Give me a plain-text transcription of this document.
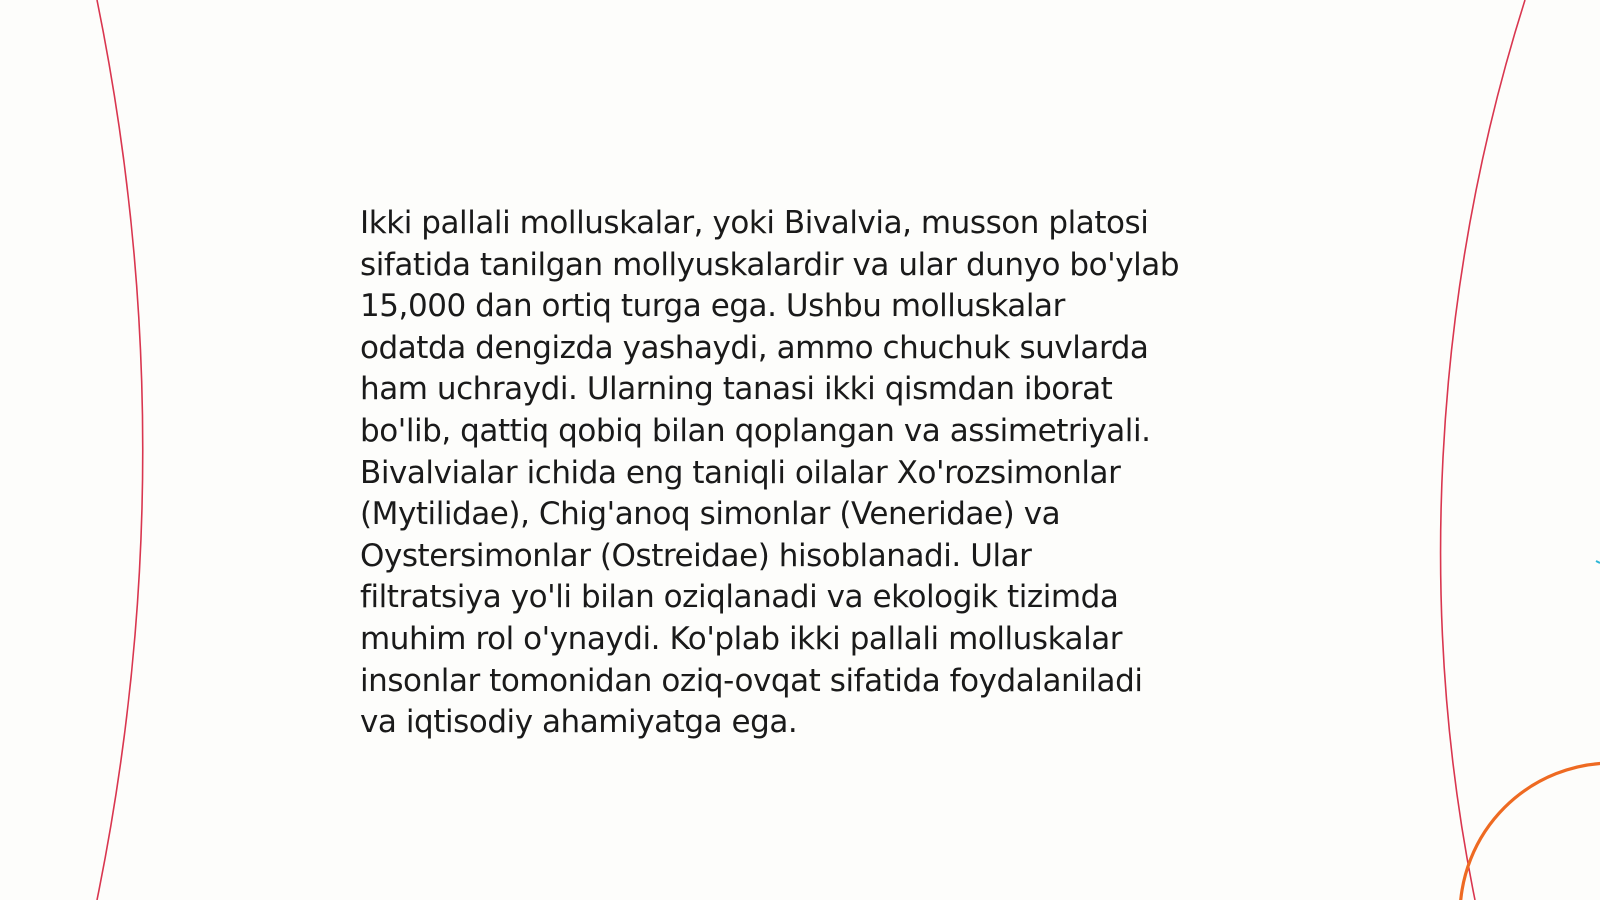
Ikki pallali molluskalar, yoki Bivalvia, musson platosi
sifatida tanilgan mollyuskalardir va ular dunyo bo'ylab
15,000 dan ortiq turga ega. Ushbu molluskalar
odatda dengizda yashaydi, ammo chuchuk suvlarda
ham uchraydi. Ularning tanasi ikki qismdan iborat
bo'lib, qattiq qobiq bilan qoplangan va assimetriyali.
Bivalvialar ichida eng taniqli oilalar Xo'rozsimonlar
(Mytilidae), Chig'anoq simonlar (Veneridae) va
Oystersimonlar (Ostreidae) hisoblanadi. Ular
filtratsiya yo'li bilan oziqlanadi va ekologik tizimda
muhim rol o'ynaydi. Ko'plab ikki pallali molluskalar
insonlar tomonidan oziq-ovqat sifatida foydalaniladi
va iqtisodiy ahamiyatga ega.
